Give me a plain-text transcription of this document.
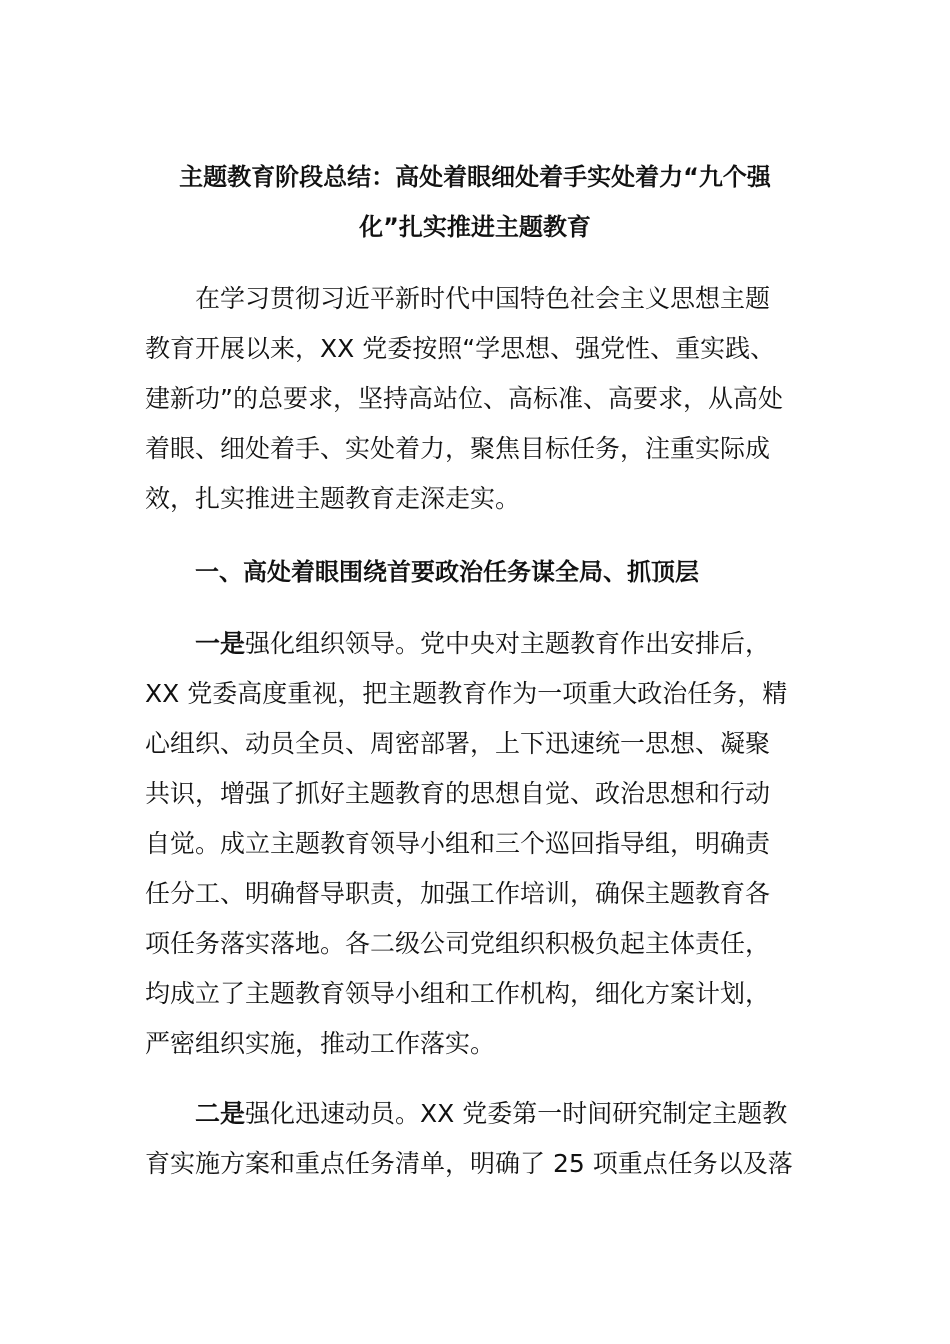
主题教育阶段总结：高处着眼细处着手实处着力“九个强
化”扎实推进主题教育
在学习贯彻习近平新时代中国特色社会主义思想主题
教育开展以来，XX 党委按照“学思想、强党性、重实践、
建新功”的总要求，坚持高站位、高标准、高要求，从高处
着眼、细处着手、实处着力，聚焦目标任务，注重实际成
效，扎实推进主题教育走深走实。
一、高处着眼围绕首要政治任务谋全局、抓顶层
一是强化组织领导。党中央对主题教育作出安排后，
XX 党委高度重视，把主题教育作为一项重大政治任务，精
心组织、动员全员、周密部署，上下迅速统一思想、凝聚
共识，增强了抓好主题教育的思想自觉、政治思想和行动
自觉。成立主题教育领导小组和三个巡回指导组，明确责
任分工、明确督导职责，加强工作培训，确保主题教育各
项任务落实落地。各二级公司党组织积极负起主体责任，
均成立了主题教育领导小组和工作机构，细化方案计划，
严密组织实施，推动工作落实。
二是强化迅速动员。XX 党委第一时间研究制定主题教
育实施方案和重点任务清单，明确了 25 项重点任务以及落
